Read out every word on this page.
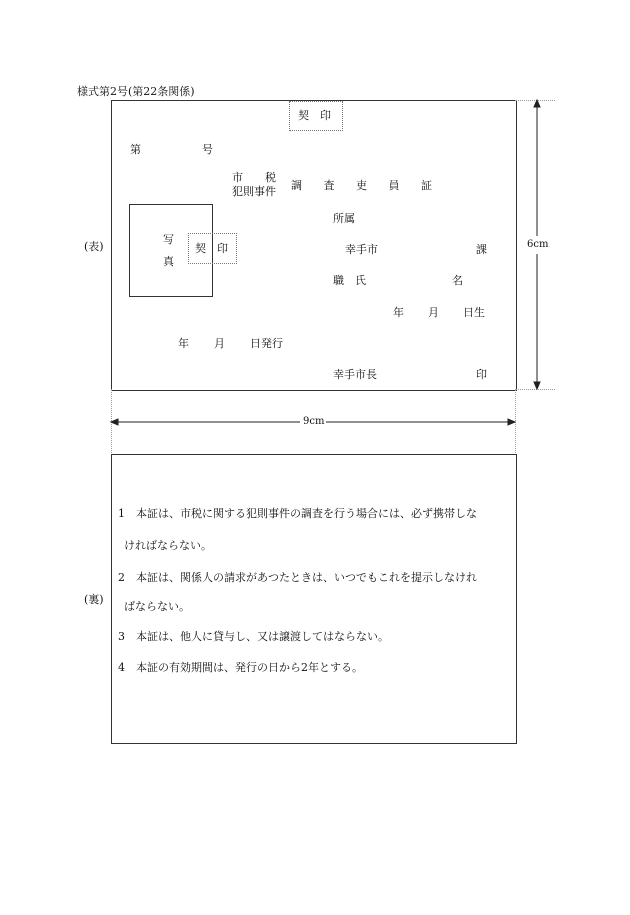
様式第2号(第22条関係)
(表)
契　印
第	号
市　　税
犯則事件 調 査 吏 員 証
所属
幸手市	課
写
真
契　印
職　氏	名
年 月 日生
年 月 日発行
幸手市長	印
6cm
9cm
(裏)
1 本証は、市税に関する犯則事件の調査を行う場合には、必ず携帯しな
ければならない。
2 本証は、関係人の請求があつたときは、いつでもこれを提示しなけれ
ばならない。
3 本証は、他人に貸与し、又は譲渡してはならない。
4 本証の有効期間は、発行の日から2年とする。
